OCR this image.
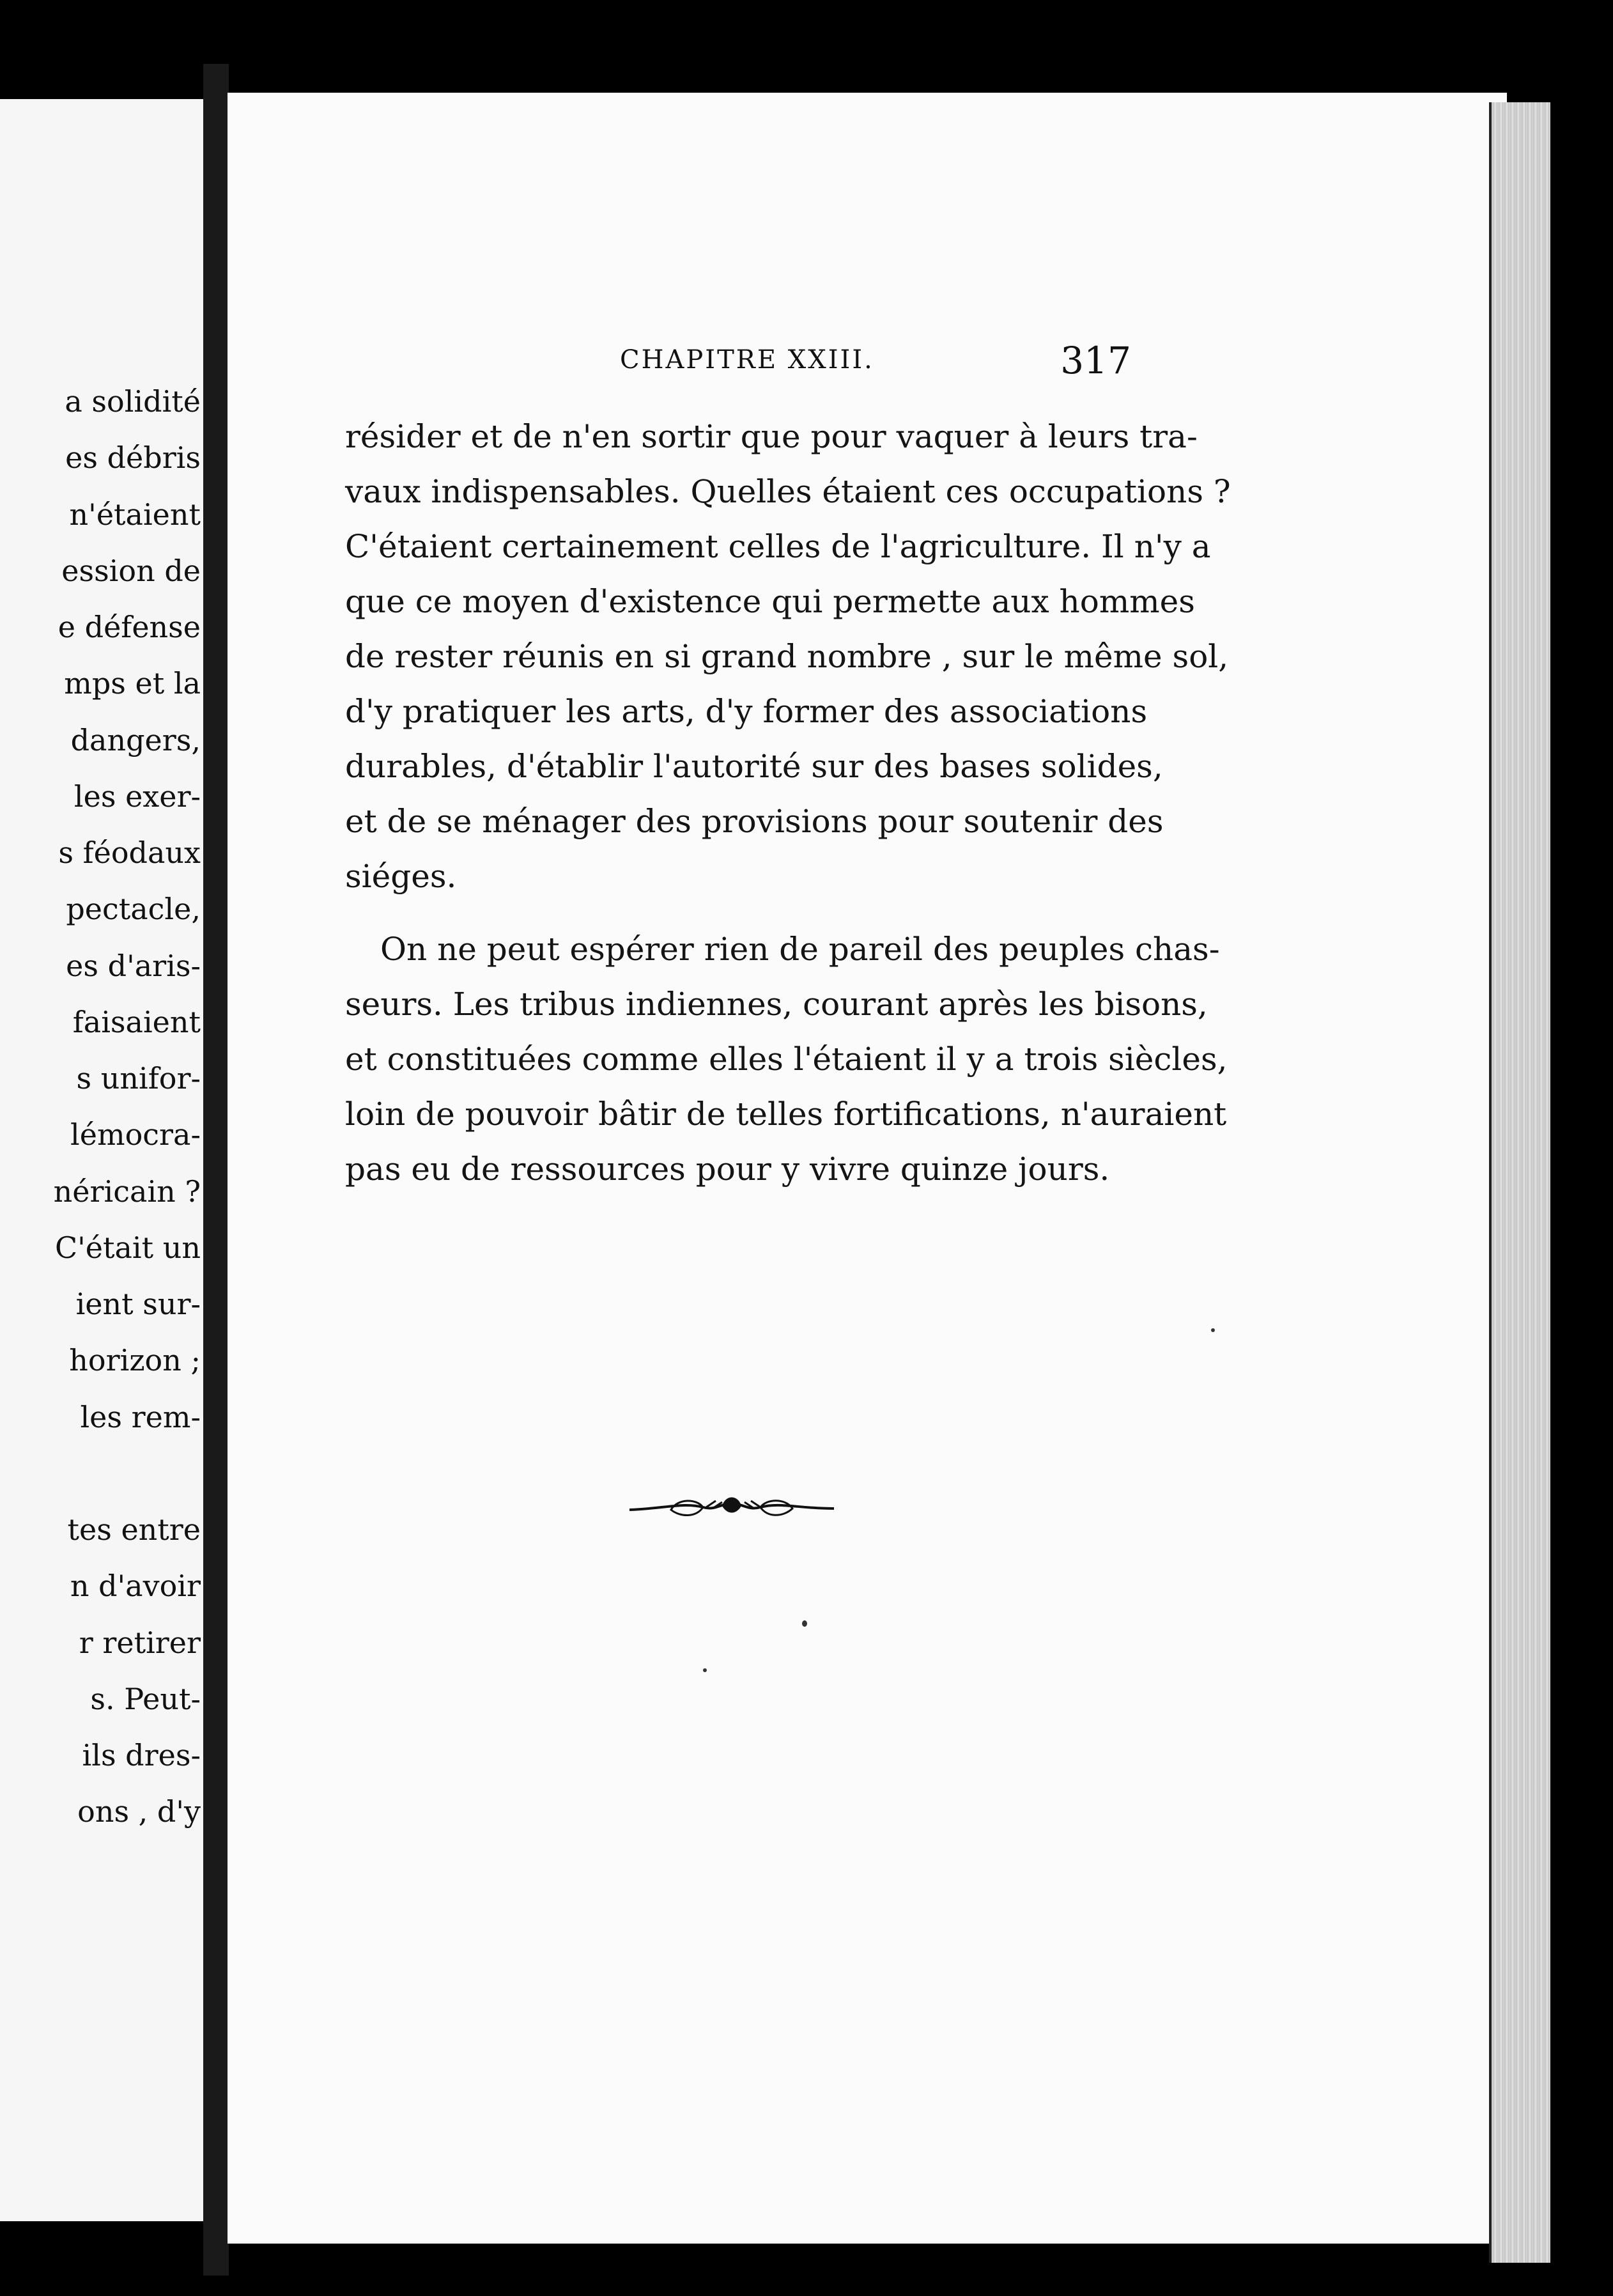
a solidité
es débris
n'étaient
ession de
e défense
mps et la
dangers,
les exer-
s féodaux
pectacle,
es d'aris-
faisaient
s unifor-
lémocra-
néricain ?
C'était un
ient sur-
horizon ;
les rem-
tes entre
n d'avoir
r retirer
s. Peut-
ils dres-
ons , d'y
CHAPITRE XXIII.	317
résider et de n'en sortir que pour vaquer à leurs tra-
vaux indispensables. Quelles étaient ces occupations ?
C'étaient certainement celles de l'agriculture. Il n'y a
que ce moyen d'existence qui permette aux hommes
de rester réunis en si grand nombre , sur le même sol,
d'y pratiquer les arts, d'y former des associations
durables, d'établir l'autorité sur des bases solides,
et de se ménager des provisions pour soutenir des
siéges.
On ne peut espérer rien de pareil des peuples chas-
seurs. Les tribus indiennes, courant après les bisons,
et constituées comme elles l'étaient il y a trois siècles,
loin de pouvoir bâtir de telles fortifications, n'auraient
pas eu de ressources pour y vivre quinze jours.
